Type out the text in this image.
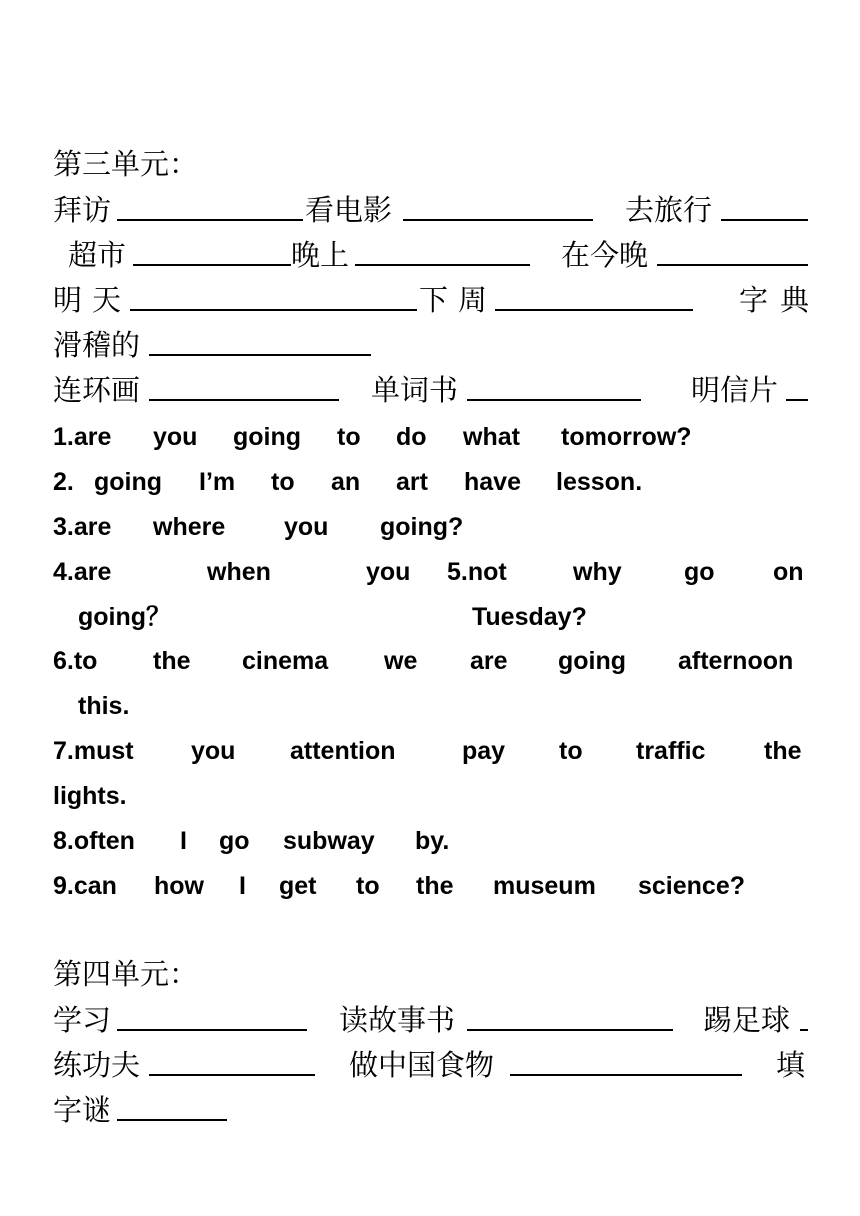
第三单元：
拜访	看电影	去旅行
超市	晚上	在今晚
明天	下周	字典
滑稽的
连环画	单词书	明信片
1.are you going to do what tomorrow?
2. going I’m to an art have lesson.
3.are where you going?
4.are	when	you 5.not	why go on
going？	Tuesday?
6.to the cinema we are going afternoon
this.
7.must you attention	pay to traffic the
lights.
8.often I go subway by.
9.can how I get to the museum science?
第四单元：
学习	读故事书	踢足球
练功夫	做中国食物	填
字谜
